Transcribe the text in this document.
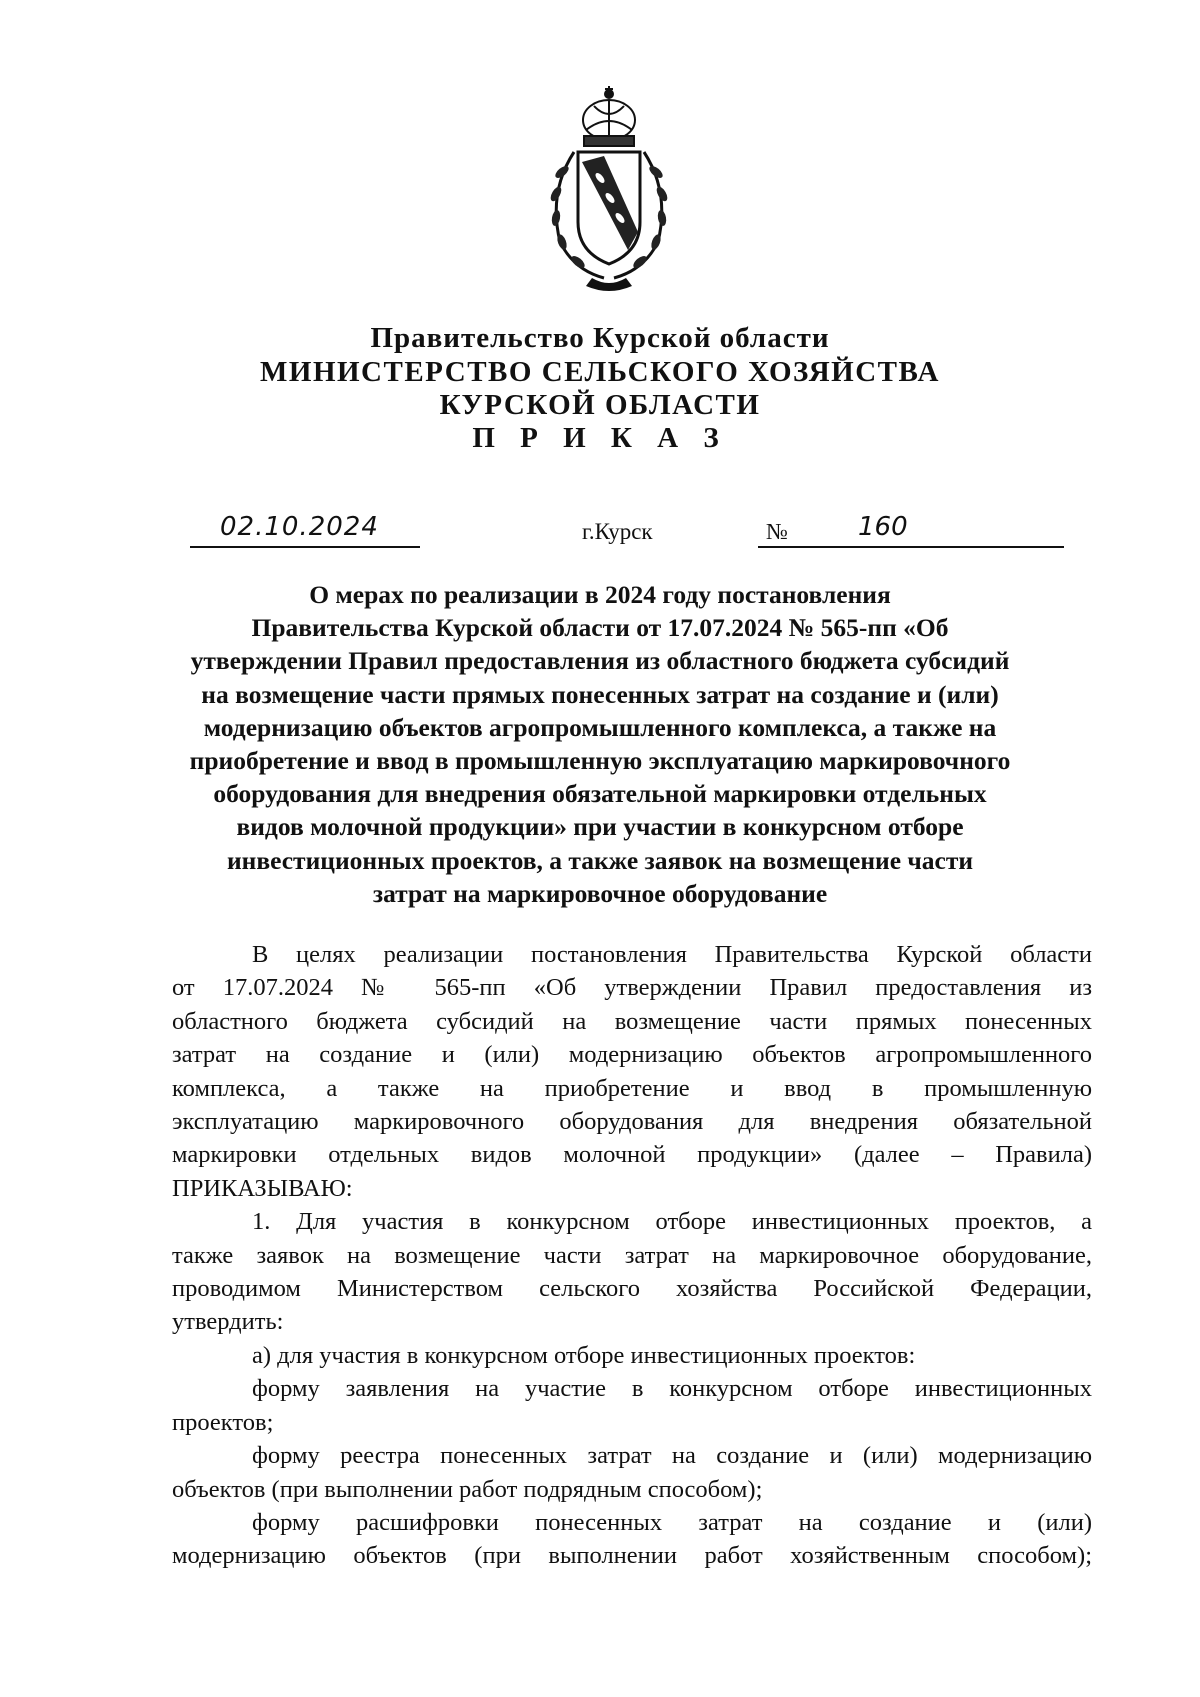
Правительство Курской области
МИНИСТЕРСТВО СЕЛЬСКОГО ХОЗЯЙСТВА
КУРСКОЙ ОБЛАСТИ
П Р И К А З
02.10.2024	г.Курск	№	160
О мерах по реализации в 2024 году постановления
Правительства Курской области от 17.07.2024 № 565-пп «Об
утверждении Правил предоставления из областного бюджета субсидий
на возмещение части прямых понесенных затрат на создание и (или)
модернизацию объектов агропромышленного комплекса, а также на
приобретение и ввод в промышленную эксплуатацию маркировочного
оборудования для внедрения обязательной маркировки отдельных
видов молочной продукции» при участии в конкурсном отборе
инвестиционных проектов, а также заявок на возмещение части
затрат на маркировочное оборудование
В целях реализации постановления Правительства Курской области
от 17.07.2024 № 565-пп «Об утверждении Правил предоставления из
областного бюджета субсидий на возмещение части прямых понесенных
затрат на создание и (или) модернизацию объектов агропромышленного
комплекса, а также на приобретение и ввод в промышленную
эксплуатацию маркировочного оборудования для внедрения обязательной
маркировки отдельных видов молочной продукции» (далее – Правила)
ПРИКАЗЫВАЮ:
1. Для участия в конкурсном отборе инвестиционных проектов, а
также заявок на возмещение части затрат на маркировочное оборудование,
проводимом Министерством сельского хозяйства Российской Федерации,
утвердить:
а) для участия в конкурсном отборе инвестиционных проектов:
форму заявления на участие в конкурсном отборе инвестиционных
проектов;
форму реестра понесенных затрат на создание и (или) модернизацию
объектов (при выполнении работ подрядным способом);
форму расшифровки понесенных затрат на создание и (или)
модернизацию объектов (при выполнении работ хозяйственным способом);
